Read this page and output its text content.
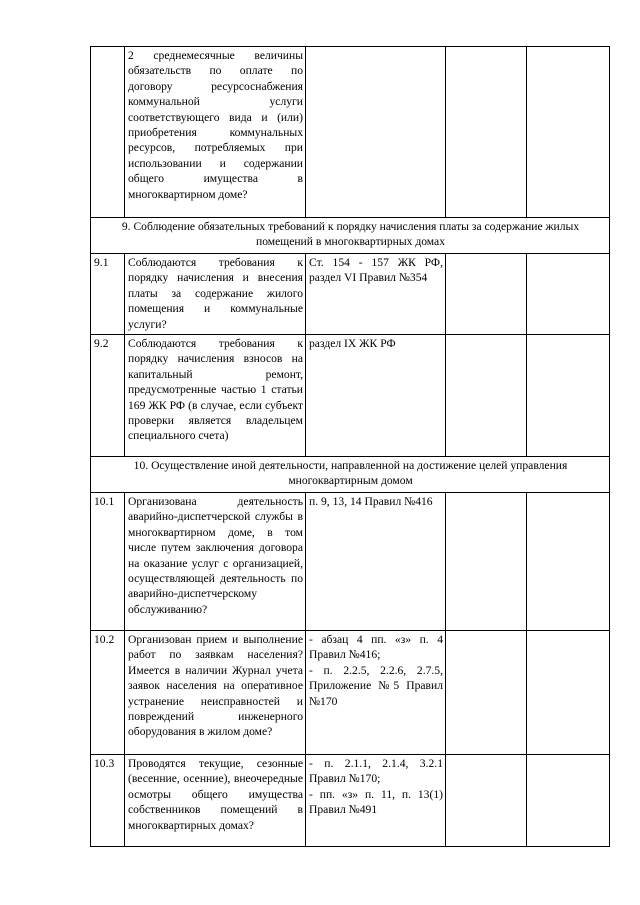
	2 среднемесячные величины обязательств по оплате по договору ресурсоснабжения коммунальной услуги соответствующего вида и (или) приобретения коммунальных ресурсов, потребляемых при использовании и содержании общего имущества в многоквартирном доме?			

9. Соблюдение обязательных требований к порядку начисления платы за содержание жилых помещений в многоквартирных домах				
9.1	Соблюдаются требования к порядку начисления и внесения платы за содержание жилого помещения и коммунальные услуги?	Ст. 154 - 157 ЖК РФ, раздел VI Правил №354		

9.2	Соблюдаются требования к порядку начисления взносов на капитальный ремонт, предусмотренные частью 1 статьи 169 ЖК РФ (в случае, если субъект проверки является владельцем специального счета)	раздел IX ЖК РФ		

10. Осуществление иной деятельности, направленной на достижение целей управления многоквартирным домом				
10.1	Организована деятельность аварийно-диспетчерской службы в многоквартирном доме, в том числе путем заключения договора на оказание услуг с организацией, осуществляющей деятельность по аварийно-диспетчерскому обслуживанию?	п. 9, 13, 14 Правил №416		

10.2	Организован прием и выполнение работ по заявкам населения? Имеется в наличии Журнал учета заявок населения на оперативное устранение неисправностей и повреждений инженерного оборудования в жилом доме?	- абзац 4 пп. «з» п. 4 Правил №416;
- п. 2.2.5, 2.2.6, 2.7.5, Приложение №5 Правил №170		

10.3	Проводятся текущие, сезонные (весенние, осенние), внеочередные осмотры общего имущества собственников помещений в многоквартирных домах?	- п. 2.1.1, 2.1.4, 3.2.1 Правил №170;
- пп. «з» п. 11, п. 13(1) Правил №491		
